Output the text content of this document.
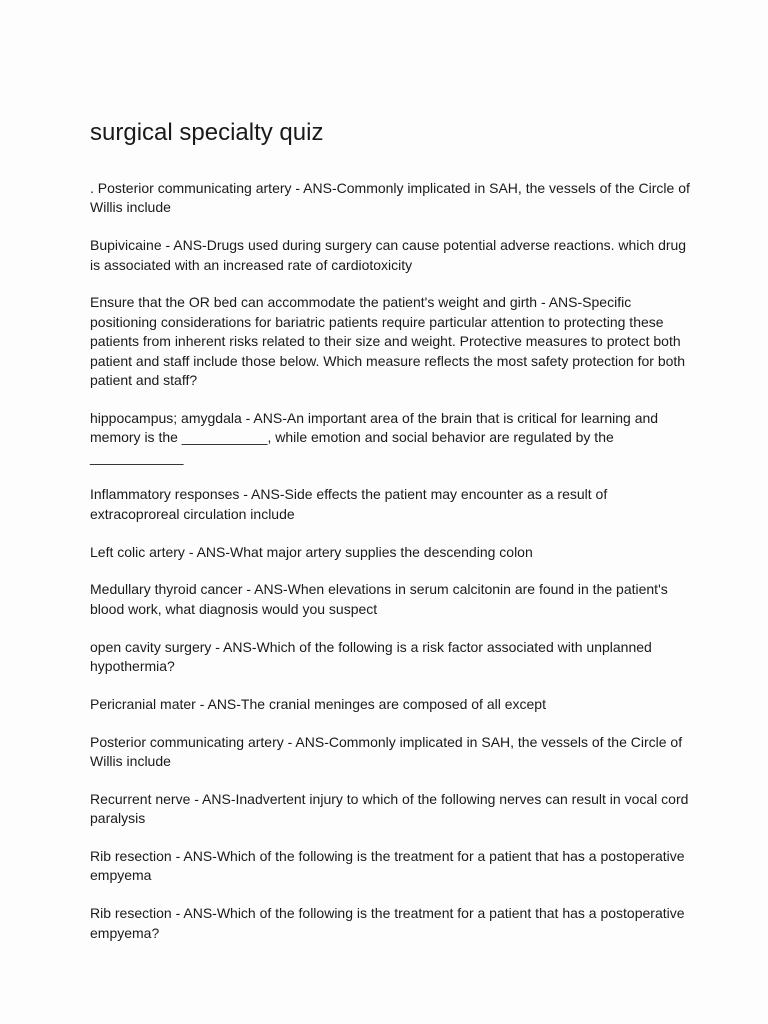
surgical specialty quiz

. Posterior communicating artery - ANS-Commonly implicated in SAH, the vessels of the Circle of Willis include

Bupivicaine - ANS-Drugs used during surgery can cause potential adverse reactions. which drug is associated with an increased rate of cardiotoxicity

Ensure that the OR bed can accommodate the patient's weight and girth - ANS-Specific positioning considerations for bariatric patients require particular attention to protecting these patients from inherent risks related to their size and weight. Protective measures to protect both patient and staff include those below. Which measure reflects the most safety protection for both patient and staff?

hippocampus; amygdala - ANS-An important area of the brain that is critical for learning and memory is the ___________, while emotion and social behavior are regulated by the ____________

Inflammatory responses - ANS-Side effects the patient may encounter as a result of extracoproreal circulation include

Left colic artery - ANS-What major artery supplies the descending colon

Medullary thyroid cancer - ANS-When elevations in serum calcitonin are found in the patient's blood work, what diagnosis would you suspect

open cavity surgery - ANS-Which of the following is a risk factor associated with unplanned hypothermia?

Pericranial mater - ANS-The cranial meninges are composed of all except

Posterior communicating artery - ANS-Commonly implicated in SAH, the vessels of the Circle of Willis include

Recurrent nerve - ANS-Inadvertent injury to which of the following nerves can result in vocal cord paralysis

Rib resection - ANS-Which of the following is the treatment for a patient that has a postoperative empyema

Rib resection - ANS-Which of the following is the treatment for a patient that has a postoperative empyema?
